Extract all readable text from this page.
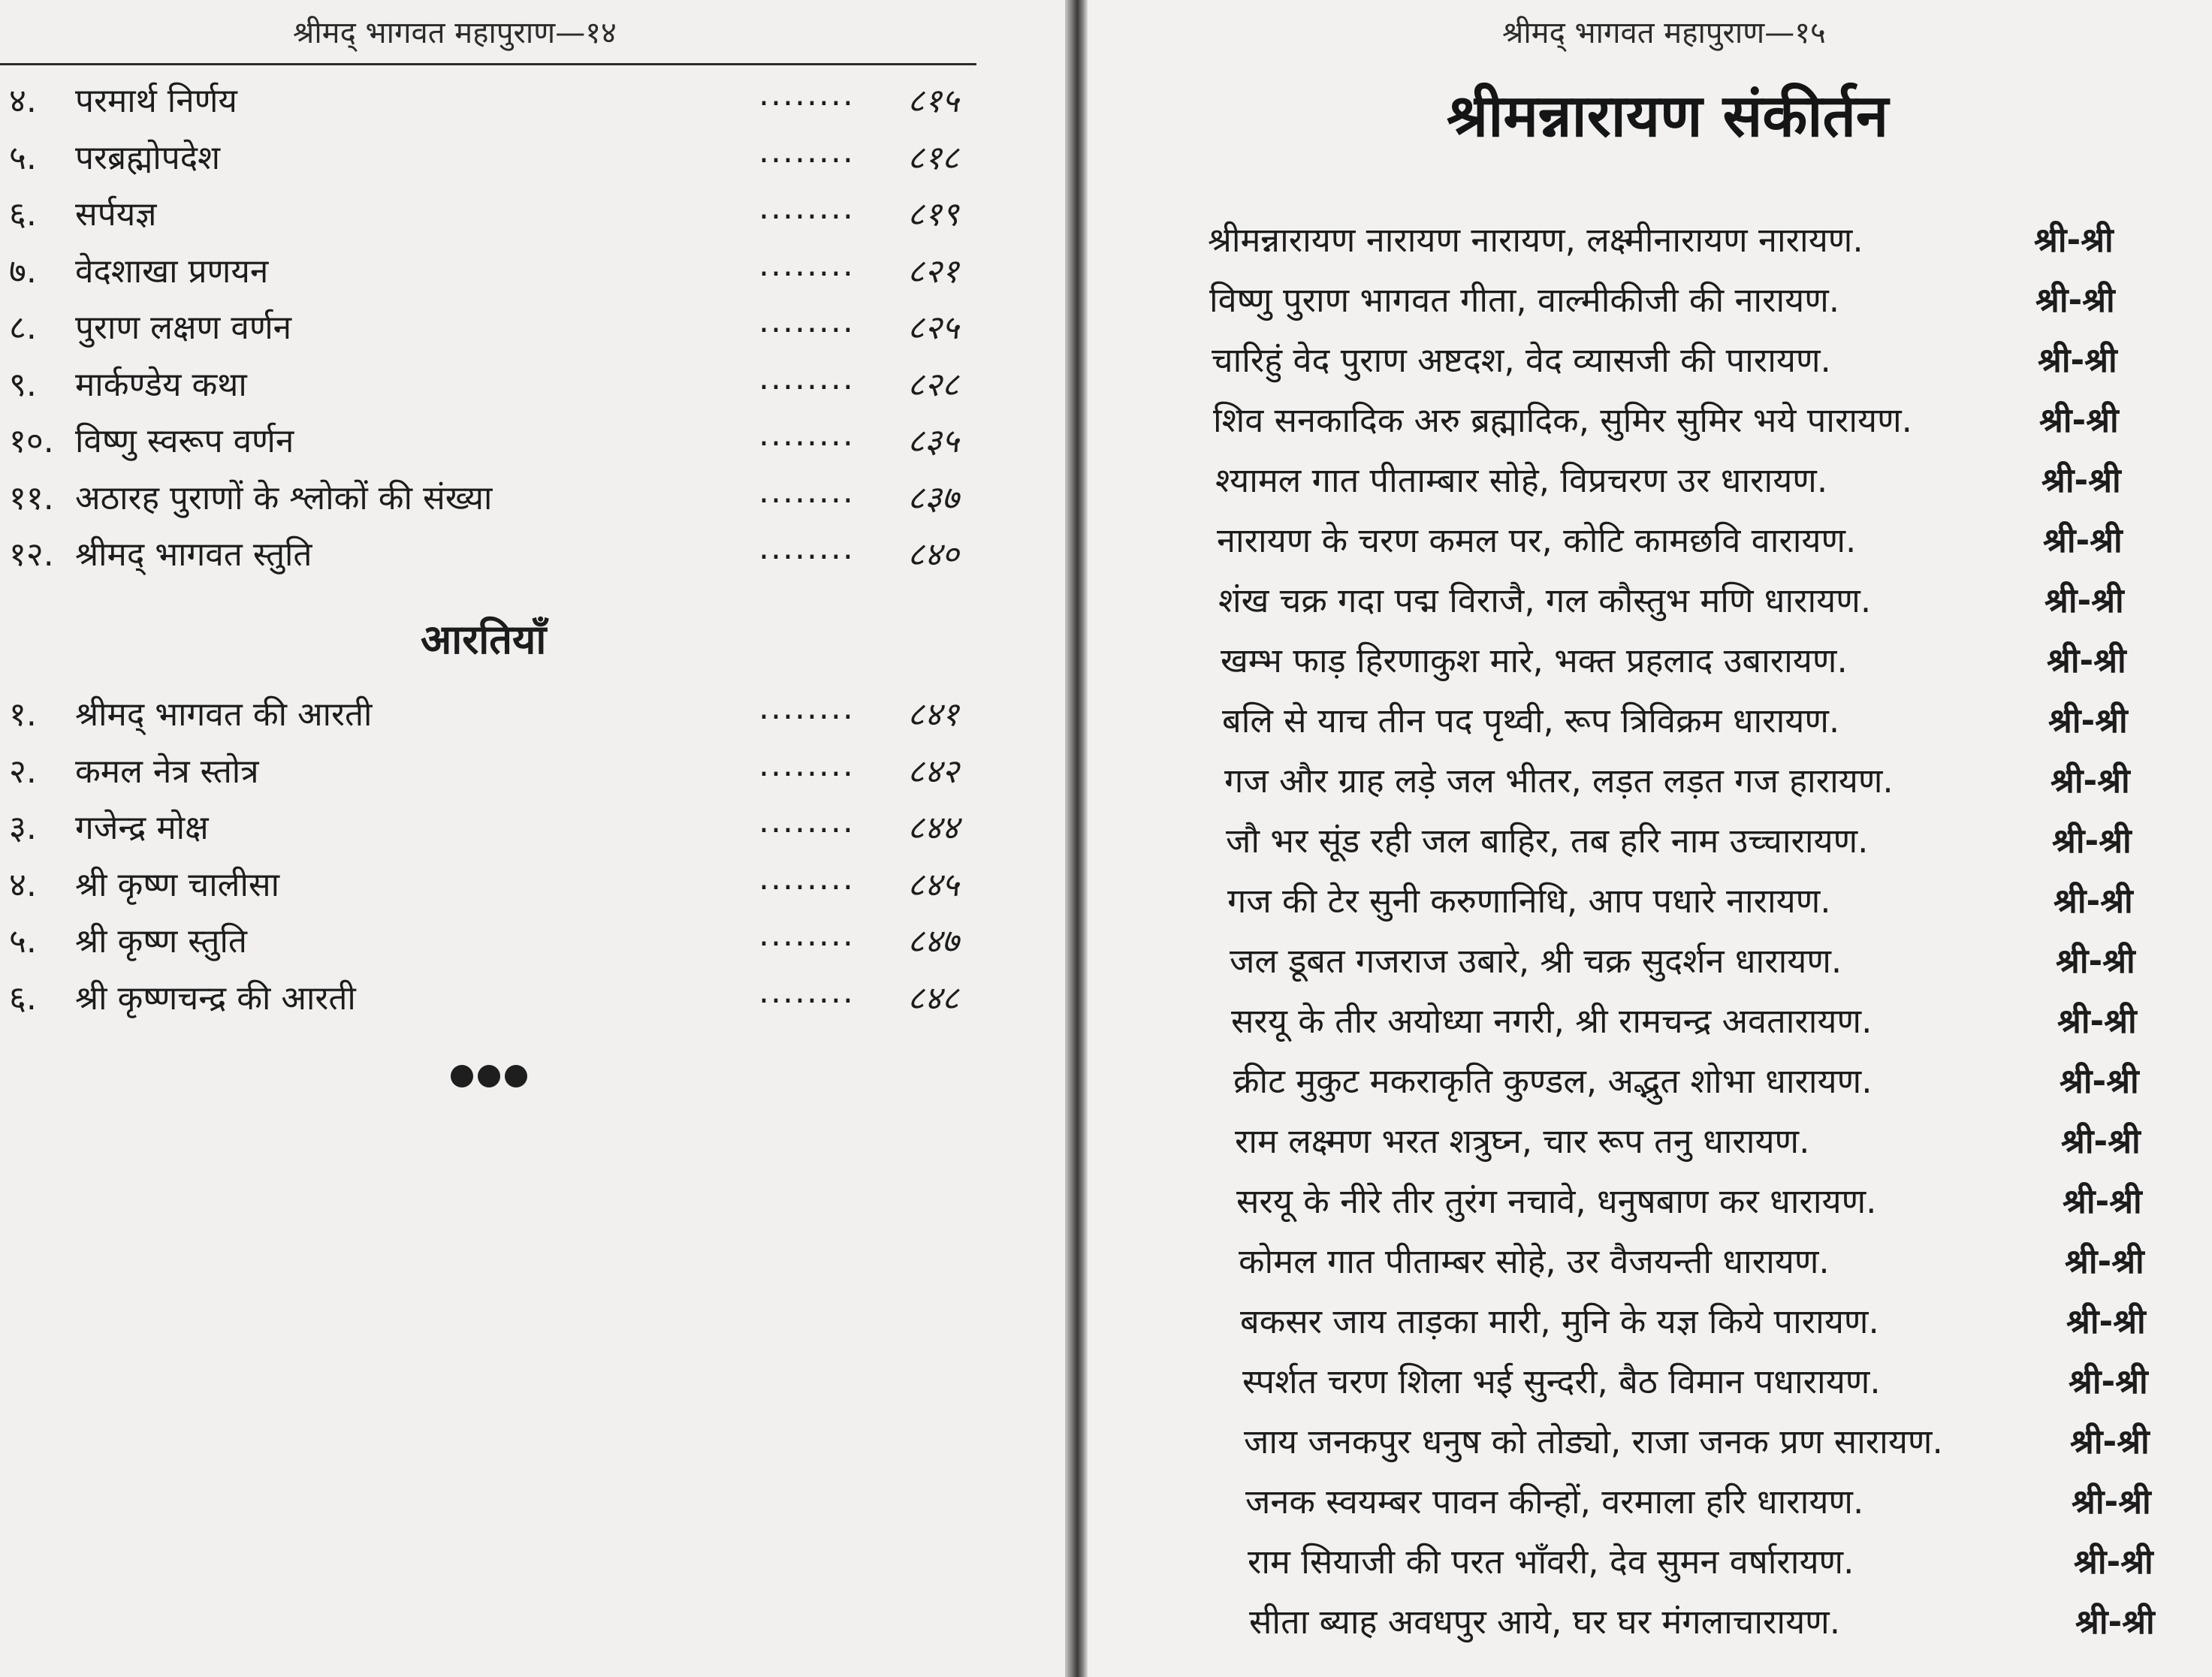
श्रीमद् भागवत महापुराण—१४
४. परमार्थ निर्णय	........ ८१५
५. परब्रह्मोपदेश	........ ८१८
६. सर्पयज्ञ	........ ८१९
७. वेदशाखा प्रणयन	........ ८२१
८. पुराण लक्षण वर्णन	........ ८२५
९. मार्कण्डेय कथा	........ ८२८
१०. विष्णु स्वरूप वर्णन	........ ८३५
११. अठारह पुराणों के श्लोकों की संख्या	........ ८३७
१२. श्रीमद् भागवत स्तुति	........ ८४०
आरतियाँ
१. श्रीमद् भागवत की आरती	........ ८४१
२. कमल नेत्र स्तोत्र	........ ८४२
३. गजेन्द्र मोक्ष	........ ८४४
४. श्री कृष्ण चालीसा	........ ८४५
५. श्री कृष्ण स्तुति	........ ८४७
६. श्री कृष्णचन्द्र की आरती	........ ८४८
श्रीमद् भागवत महापुराण—१५
श्रीमन्नारायण संकीर्तन
श्रीमन्नारायण नारायण नारायण, लक्ष्मीनारायण नारायण.	श्री-श्री
विष्णु पुराण भागवत गीता, वाल्मीकीजी की नारायण.	श्री-श्री
चारिहुं वेद पुराण अष्टदश, वेद व्यासजी की पारायण.	श्री-श्री
शिव सनकादिक अरु ब्रह्मादिक, सुमिर सुमिर भये पारायण.	श्री-श्री
श्यामल गात पीताम्बार सोहे, विप्रचरण उर धारायण.	श्री-श्री
नारायण के चरण कमल पर, कोटि कामछवि वारायण.	श्री-श्री
शंख चक्र गदा पद्म विराजै, गल कौस्तुभ मणि धारायण.	श्री-श्री
खम्भ फाड़ हिरणाकुश मारे, भक्त प्रहलाद उबारायण.	श्री-श्री
बलि से याच तीन पद पृथ्वी, रूप त्रिविक्रम धारायण.	श्री-श्री
गज और ग्राह लड़े जल भीतर, लड़त लड़त गज हारायण.	श्री-श्री
जौ भर सूंड रही जल बाहिर, तब हरि नाम उच्चारायण.	श्री-श्री
गज की टेर सुनी करुणानिधि, आप पधारे नारायण.	श्री-श्री
जल डूबत गजराज उबारे, श्री चक्र सुदर्शन धारायण.	श्री-श्री
सरयू के तीर अयोध्या नगरी, श्री रामचन्द्र अवतारायण.	श्री-श्री
क्रीट मुकुट मकराकृति कुण्डल, अद्भुत शोभा धारायण.	श्री-श्री
राम लक्ष्मण भरत शत्रुघ्न, चार रूप तनु धारायण.	श्री-श्री
सरयू के नीरे तीर तुरंग नचावे, धनुषबाण कर धारायण.	श्री-श्री
कोमल गात पीताम्बर सोहे, उर वैजयन्ती धारायण.	श्री-श्री
बकसर जाय ताड़का मारी, मुनि के यज्ञ किये पारायण.	श्री-श्री
स्पर्शत चरण शिला भई सुन्दरी, बैठ विमान पधारायण.	श्री-श्री
जाय जनकपुर धनुष को तोड्यो, राजा जनक प्रण सारायण.	श्री-श्री
जनक स्वयम्बर पावन कीन्हों, वरमाला हरि धारायण.	श्री-श्री
राम सियाजी की परत भाँवरी, देव सुमन वर्षारायण.	श्री-श्री
सीता ब्याह अवधपुर आये, घर घर मंगलाचारायण.	श्री-श्री
